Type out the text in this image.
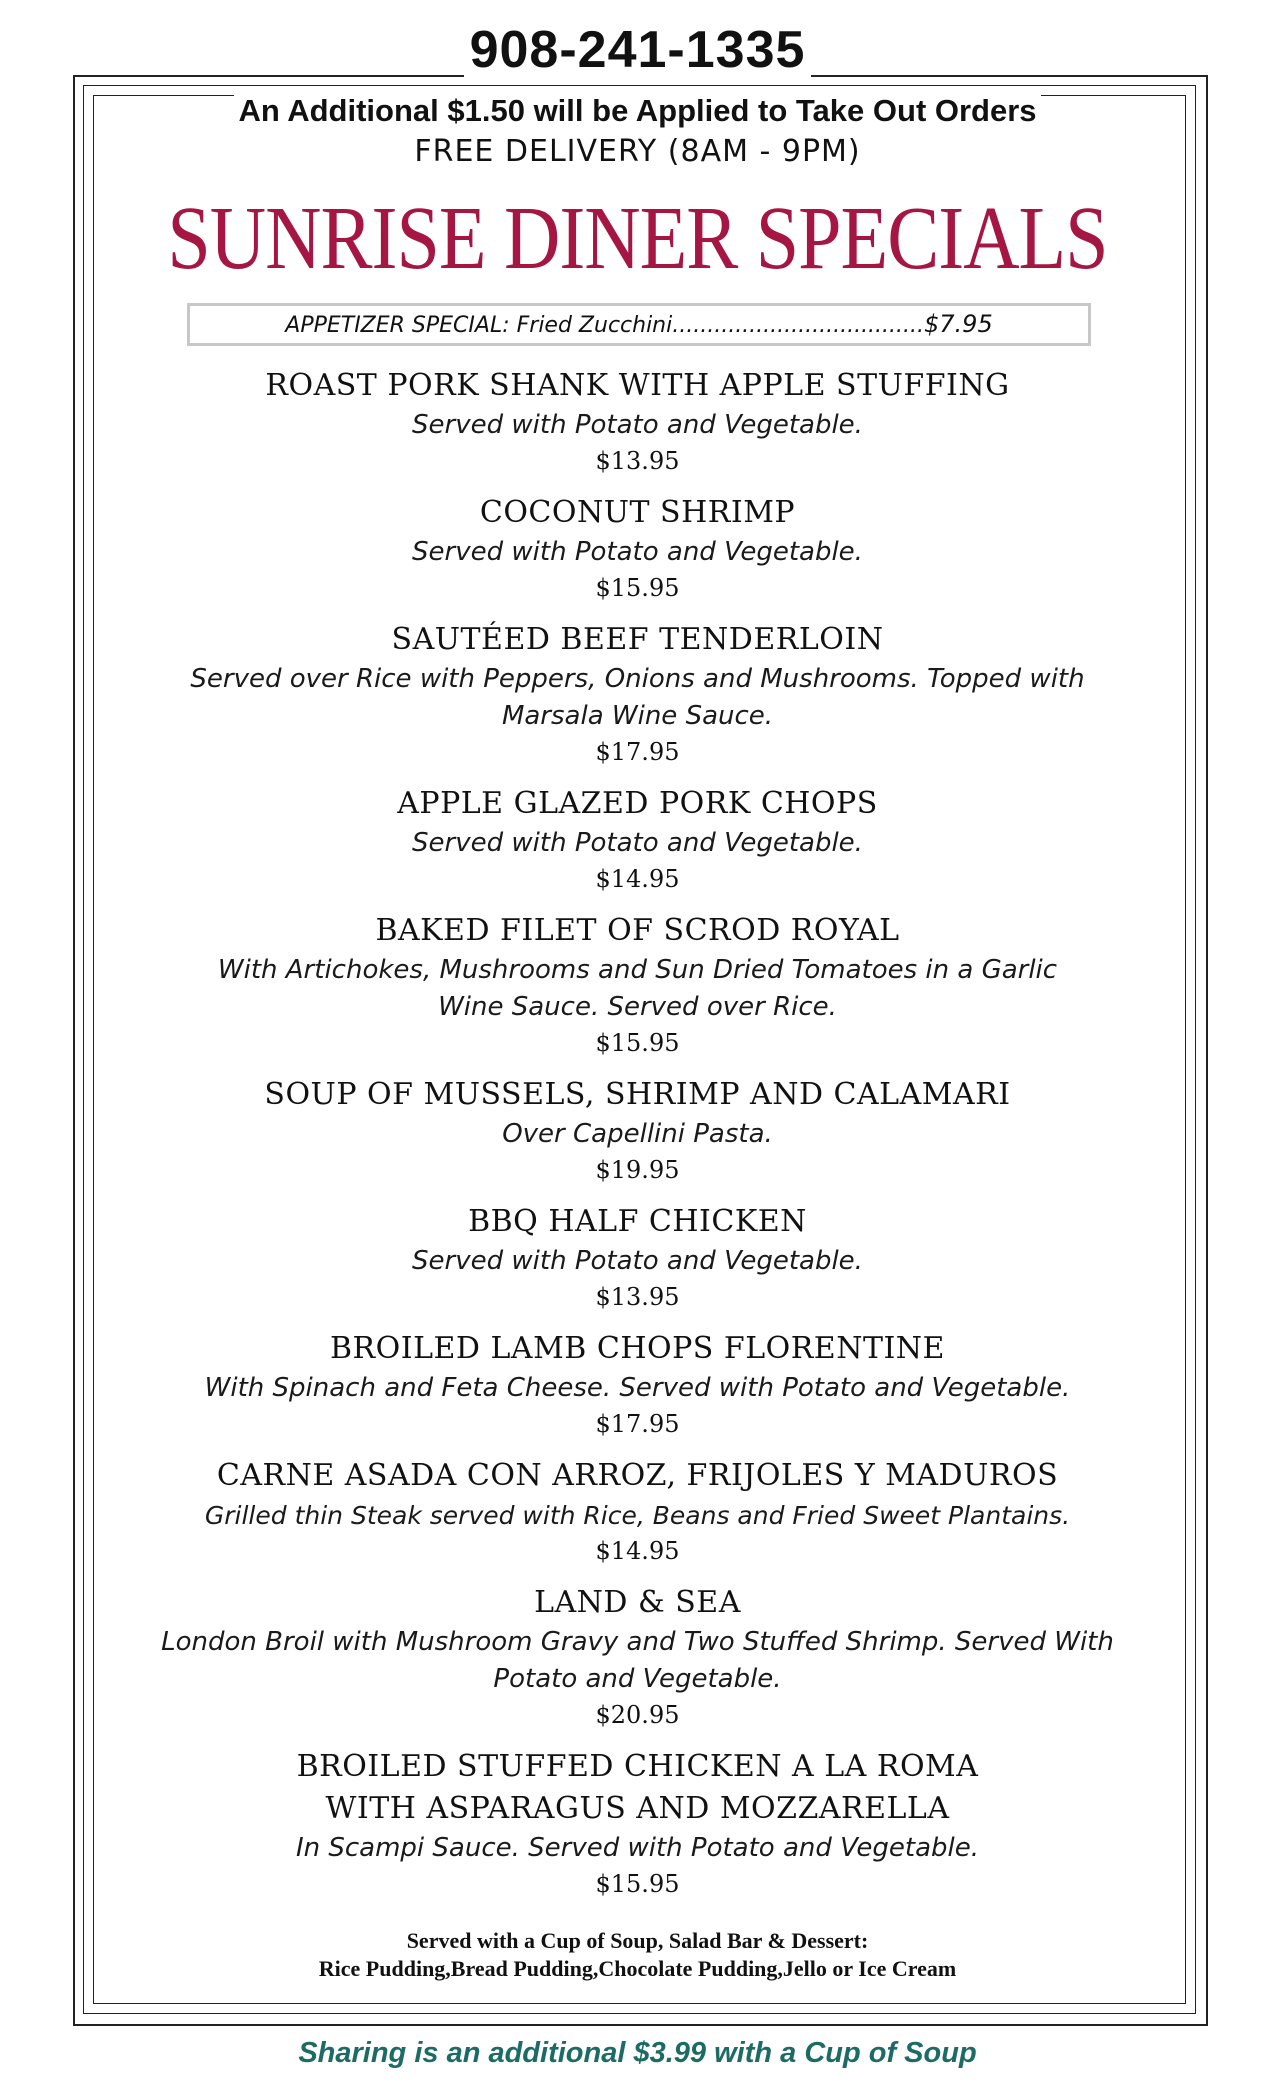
908-241-1335
An Additional $1.50 will be Applied to Take Out Orders
FREE DELIVERY (8AM - 9PM)
SUNRISE DINER SPECIALS
APPETIZER SPECIAL: Fried Zucchini....................................$7.95
ROAST PORK SHANK WITH APPLE STUFFING
Served with Potato and Vegetable.
$13.95
COCONUT SHRIMP
Served with Potato and Vegetable.
$15.95
SAUTÉED BEEF TENDERLOIN
Served over Rice with Peppers, Onions and Mushrooms. Topped with Marsala Wine Sauce.
$17.95
APPLE GLAZED PORK CHOPS
Served with Potato and Vegetable.
$14.95
BAKED FILET OF SCROD ROYAL
With Artichokes, Mushrooms and Sun Dried Tomatoes in a Garlic Wine Sauce. Served over Rice.
$15.95
SOUP OF MUSSELS, SHRIMP AND CALAMARI
Over Capellini Pasta.
$19.95
BBQ HALF CHICKEN
Served with Potato and Vegetable.
$13.95
BROILED LAMB CHOPS FLORENTINE
With Spinach and Feta Cheese. Served with Potato and Vegetable.
$17.95
CARNE ASADA CON ARROZ, FRIJOLES Y MADUROS
Grilled thin Steak served with Rice, Beans and Fried Sweet Plantains.
$14.95
LAND & SEA
London Broil with Mushroom Gravy and Two Stuffed Shrimp. Served With Potato and Vegetable.
$20.95
BROILED STUFFED CHICKEN A LA ROMA WITH ASPARAGUS AND MOZZARELLA
In Scampi Sauce. Served with Potato and Vegetable.
$15.95
Served with a Cup of Soup, Salad Bar & Dessert:
Rice Pudding,Bread Pudding,Chocolate Pudding,Jello or Ice Cream
Sharing is an additional $3.99 with a Cup of Soup
